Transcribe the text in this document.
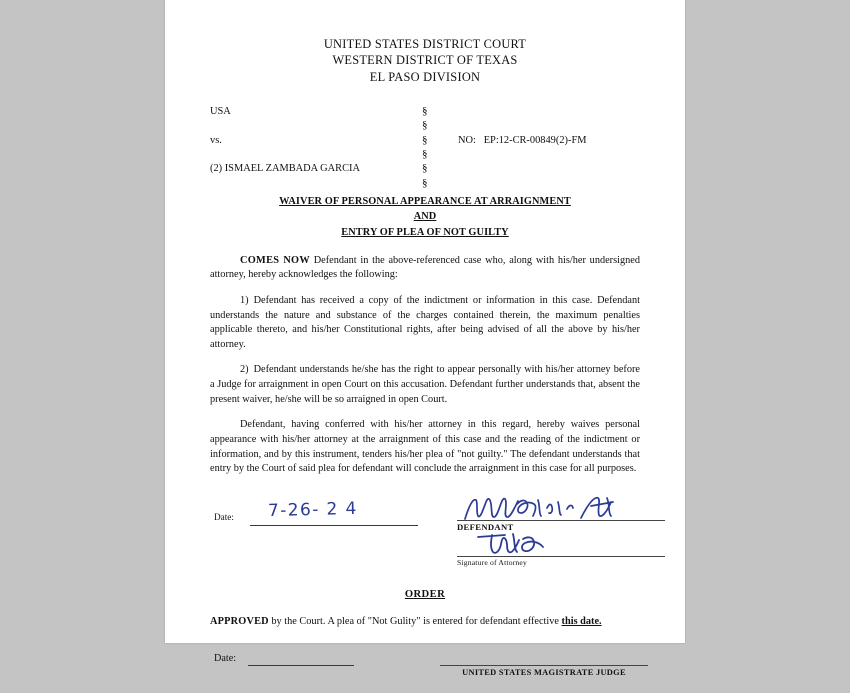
UNITED STATES DISTRICT COURT
WESTERN DISTRICT OF TEXAS
EL PASO DIVISION
USA
vs.
(2) ISMAEL ZAMBADA GARCIA
§
§
§
§
§
§
NO: EP:12-CR-00849(2)-FM
WAIVER OF PERSONAL APPEARANCE AT ARRAIGNMENT
AND
ENTRY OF PLEA OF NOT GUILTY

COMES NOW Defendant in the above-referenced case who, along with his/her undersigned attorney, hereby acknowledges the following:

1) Defendant has received a copy of the indictment or information in this case. Defendant understands the nature and substance of the charges contained therein, the maximum penalties applicable thereto, and his/her Constitutional rights, after being advised of all the above by his/her attorney.

2) Defendant understands he/she has the right to appear personally with his/her attorney before a Judge for arraignment in open Court on this accusation. Defendant further understands that, absent the present waiver, he/she will be so arraigned in open Court.

Defendant, having conferred with his/her attorney in this regard, hereby waives personal appearance with his/her attorney at the arraignment of this case and the reading of the indictment or information, and by this instrument, tenders his/her plea of "not guilty." The defendant understands that entry by the Court of said plea for defendant will conclude the arraignment in this case for all purposes.

Date: 7-26- 2 4
DEFENDANT
Signature of Attorney
ORDER
APPROVED by the Court. A plea of "Not Gulity" is entered for defendant effective this date.
Date:
UNITED STATES MAGISTRATE JUDGE
